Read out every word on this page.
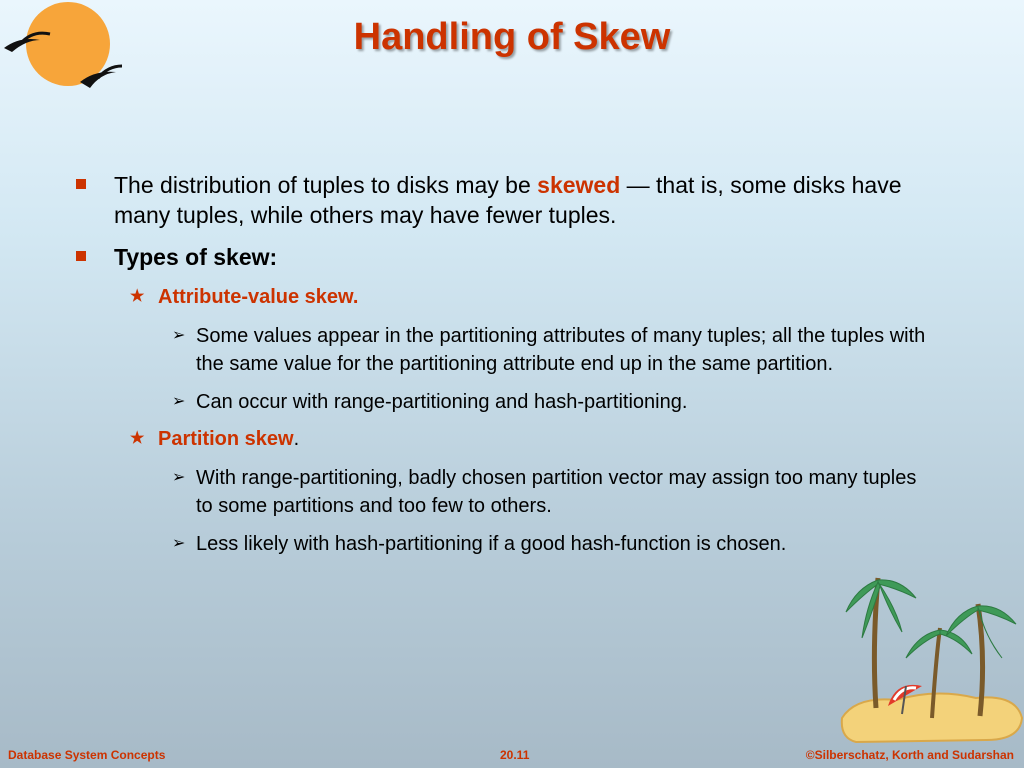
Handling of Skew
The distribution of tuples to disks may be skewed — that is, some disks have many tuples, while others may have fewer tuples.
Types of skew:
★ Attribute-value skew.
➢ Some values appear in the partitioning attributes of many tuples; all the tuples with the same value for the partitioning attribute end up in the same partition.
➢ Can occur with range-partitioning and hash-partitioning.
★ Partition skew.
➢ With range-partitioning, badly chosen partition vector may assign too many tuples to some partitions and too few to others.
➢ Less likely with hash-partitioning if a good hash-function is chosen.
Database System Concepts	20.11	©Silberschatz, Korth and Sudarshan
